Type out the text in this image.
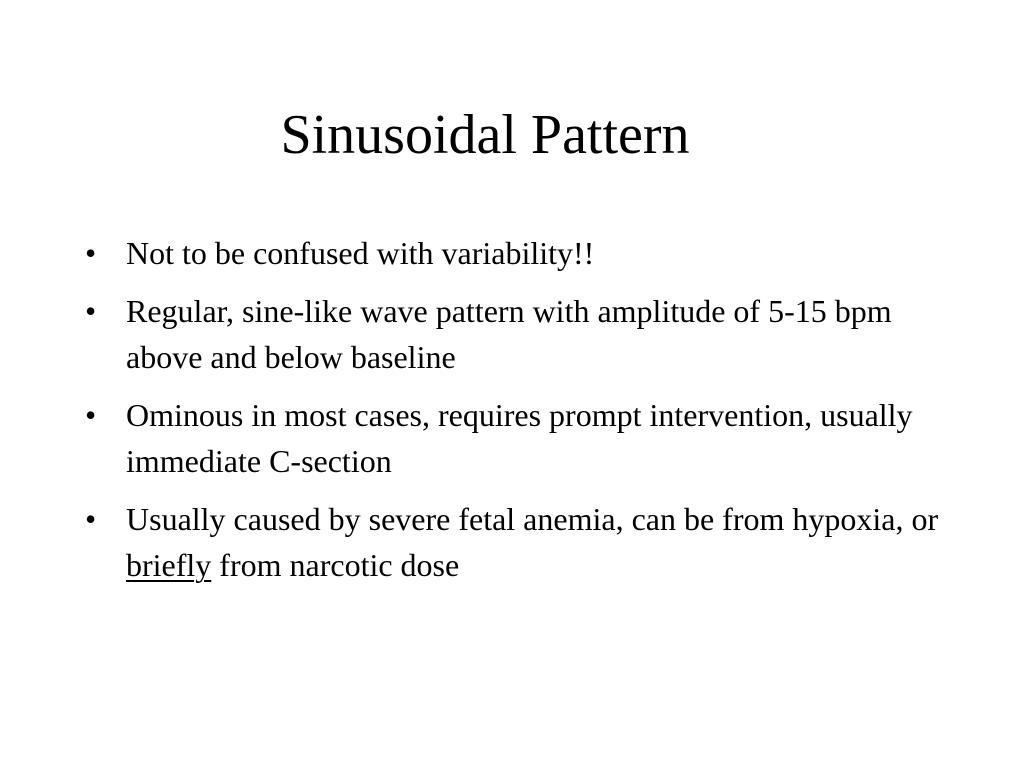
Sinusoidal Pattern
• Not to be confused with variability!!
• Regular, sine-like wave pattern with amplitude of 5-15 bpm above and below baseline
• Ominous in most cases, requires prompt intervention, usually immediate C-section
• Usually caused by severe fetal anemia, can be from hypoxia, or briefly from narcotic dose
